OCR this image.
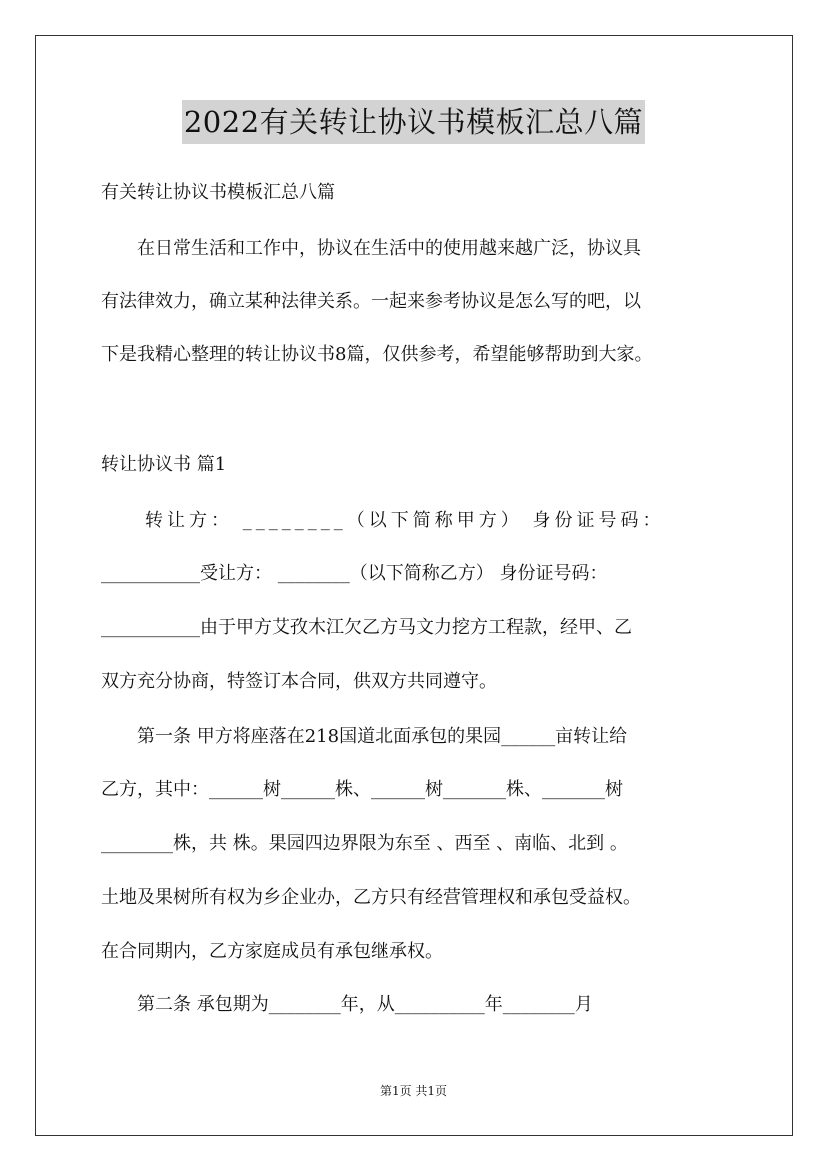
2022有关转让协议书模板汇总八篇
有关转让协议书模板汇总八篇
　　在日常生活和工作中，协议在生活中的使用越来越广泛，协议具
有法律效力，确立某种法律关系。一起来参考协议是怎么写的吧，以
下是我精心整理的转让协议书8篇，仅供参考，希望能够帮助到大家。
转让协议书 篇1
　　转让方： ________（以下简称甲方） 身份证号码：
___________受让方： ________（以下简称乙方） 身份证号码：
___________由于甲方艾孜木江欠乙方马文力挖方工程款，经甲、乙
双方充分协商，特签订本合同，供双方共同遵守。
　　第一条 甲方将座落在218国道北面承包的果园______亩转让给
乙方，其中：______树______株、______树_______株、_______树
________株，共 株。果园四边界限为东至 、西至 、南临、北到 。
土地及果树所有权为乡企业办，乙方只有经营管理权和承包受益权。
在合同期内，乙方家庭成员有承包继承权。
　　第二条 承包期为________年，从__________年________月
第1页 共1页
